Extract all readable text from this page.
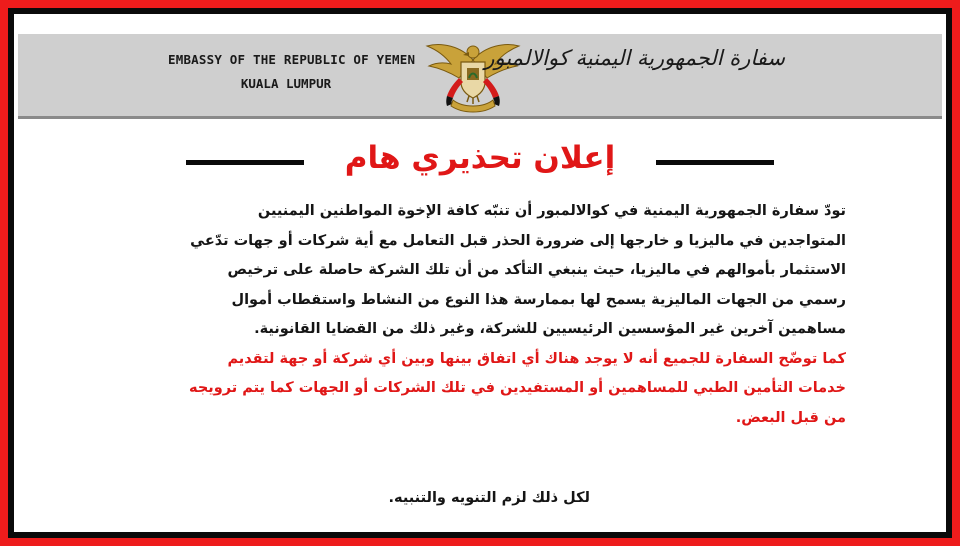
EMBASSY OF THE REPUBLIC OF YEMEN
KUALA LUMPUR
سفارة الجمهورية اليمنية كوالالمبور
إعلان تحذيري هام

تودّ سفارة الجمهورية اليمنية في كوالالمبور أن تنبّه كافة الإخوة المواطنين اليمنيين
المتواجدين في ماليزيا و خارجها إلى ضرورة الحذر قبل التعامل مع أية شركات أو جهات تدّعي
الاستثمار بأموالهم في ماليزيا، حيث ينبغي التأكد من أن تلك الشركة حاصلة على ترخيص
رسمي من الجهات الماليزية يسمح لها بممارسة هذا النوع من النشاط واستقطاب أموال
مساهمين آخرين غير المؤسسين الرئيسيين للشركة، وغير ذلك من القضايا القانونية.

كما توضّح السفارة للجميع أنه لا يوجد هناك أي اتفاق بينها وبين أي شركة أو جهة لتقديم
خدمات التأمين الطبي للمساهمين أو المستفيدين في تلك الشركات أو الجهات كما يتم ترويجه
من قبل البعض.

لكل ذلك لزم التنويه والتنبيه.
